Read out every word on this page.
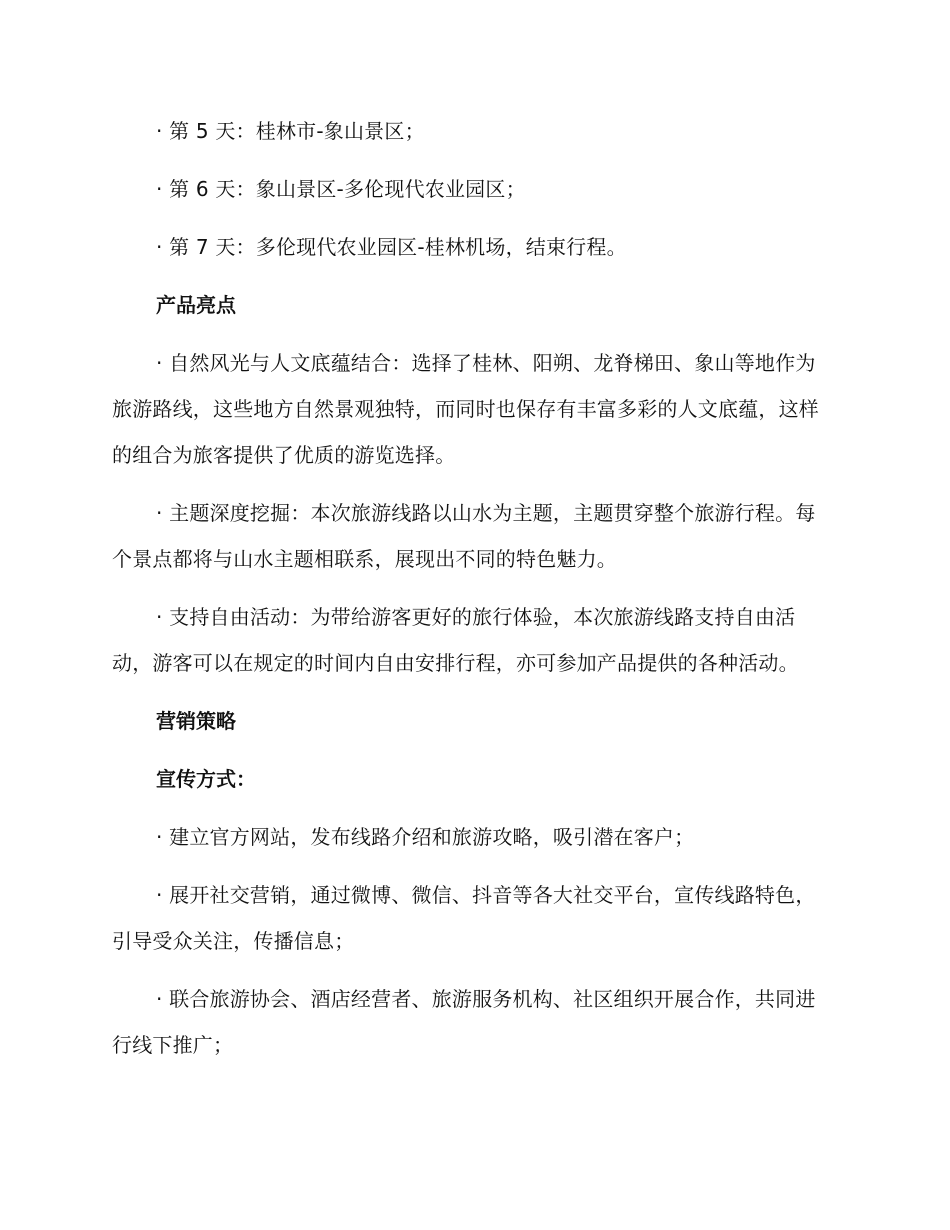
· 第 5 天：桂林市-象山景区；

· 第 6 天：象山景区-多伦现代农业园区；

· 第 7 天：多伦现代农业园区-桂林机场，结束行程。

产品亮点

· 自然风光与人文底蕴结合：选择了桂林、阳朔、龙脊梯田、象山等地作为旅游路线，这些地方自然景观独特，而同时也保存有丰富多彩的人文底蕴，这样的组合为旅客提供了优质的游览选择。

· 主题深度挖掘：本次旅游线路以山水为主题，主题贯穿整个旅游行程。每个景点都将与山水主题相联系，展现出不同的特色魅力。

· 支持自由活动：为带给游客更好的旅行体验，本次旅游线路支持自由活动，游客可以在规定的时间内自由安排行程，亦可参加产品提供的各种活动。

营销策略

宣传方式：

· 建立官方网站，发布线路介绍和旅游攻略，吸引潜在客户；

· 展开社交营销，通过微博、微信、抖音等各大社交平台，宣传线路特色，引导受众关注，传播信息；

· 联合旅游协会、酒店经营者、旅游服务机构、社区组织开展合作，共同进行线下推广；
